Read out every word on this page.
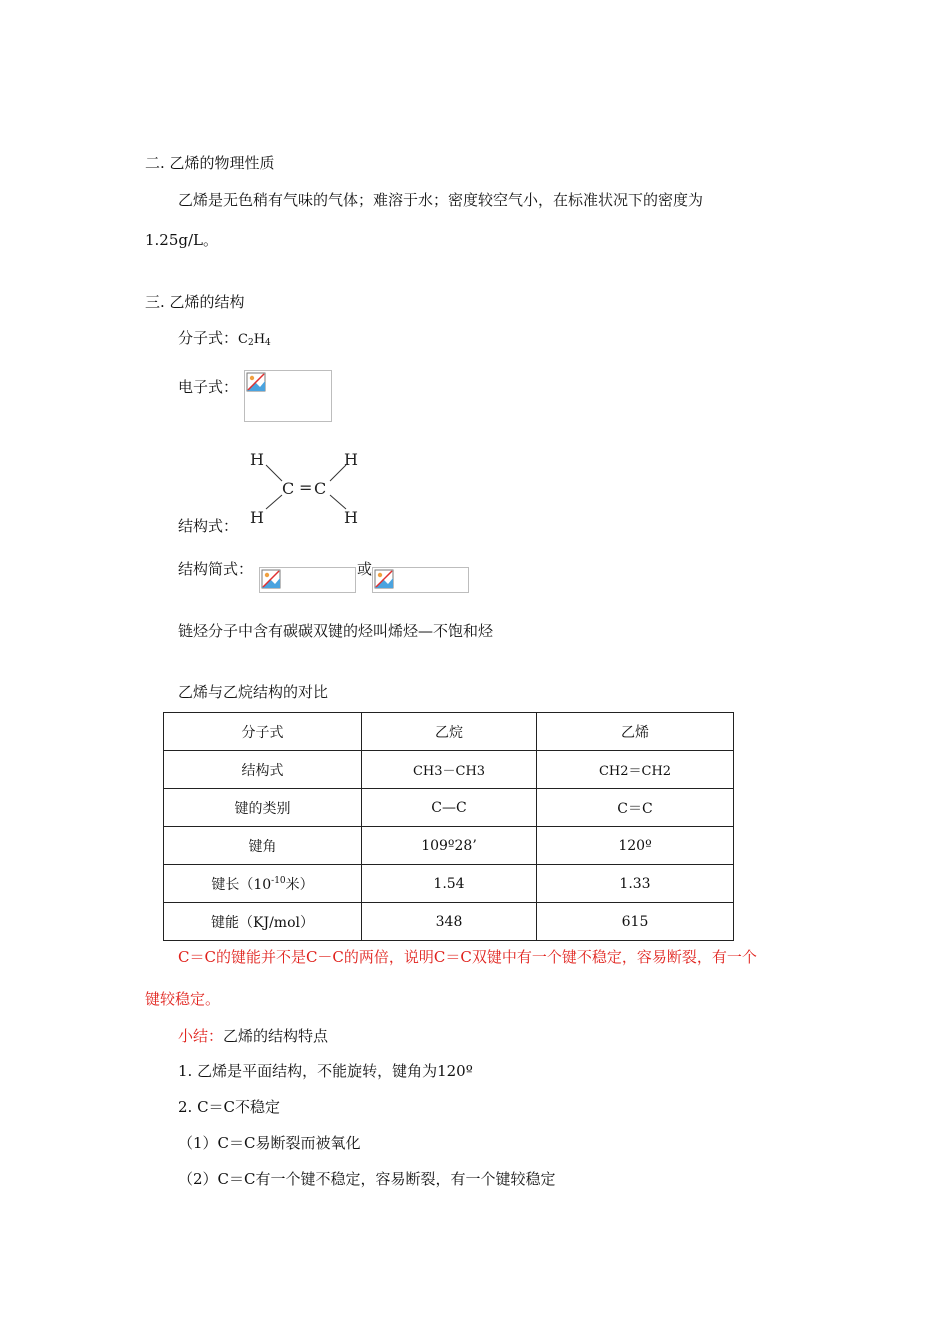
二. 乙烯的物理性质
乙烯是无色稍有气味的气体；难溶于水；密度较空气小，在标准状况下的密度为
1.25g/L。
三. 乙烯的结构
分子式：$C_2H_4$
电子式：
H
H
H
H
C = C
结构式：
结构简式：	或
链烃分子中含有碳碳双键的烃叫烯烃—不饱和烃
乙烯与乙烷结构的对比
分子式	乙烷	乙烯
结构式	CH3－CH3	CH2＝CH2
键的类别	C—C	C＝C
键角	109º28’	120º
键长（$10^{-10}$米）	1.54	1.33
键能（KJ/mol）	348	615
C＝C的键能并不是C－C的两倍，说明C＝C双键中有一个键不稳定，容易断裂，有一个
键较稳定。
小结：乙烯的结构特点
1. 乙烯是平面结构，不能旋转，键角为120º
2. C＝C不稳定
（1）C＝C易断裂而被氧化
（2）C＝C有一个键不稳定，容易断裂，有一个键较稳定
